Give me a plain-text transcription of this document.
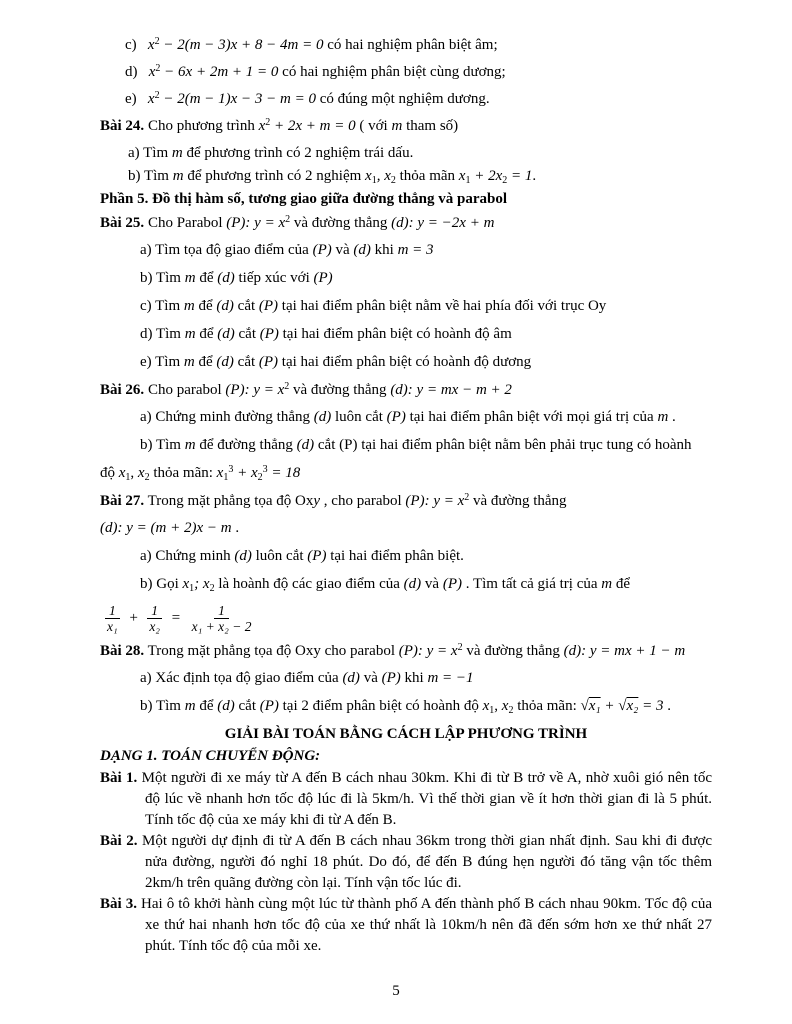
c)   $x^2 - 2(m - 3)x + 8 - 4m = 0$ có hai nghiệm phân biệt âm;
d)   $x^2 - 6x + 2m + 1 = 0$ có hai nghiệm phân biệt cùng dương;
e)   $x^2 - 2(m - 1)x - 3 - m = 0$ có đúng một nghiệm dương.
Bài 24. Cho phương trình $x^2 + 2x + m = 0$ ( với m tham số)
a) Tìm m để phương trình có 2 nghiệm trái dấu.
b) Tìm m để phương trình có 2 nghiệm $x_1$, $x_2$ thỏa mãn $x_1 + 2x_2 = 1$.
Phần 5. Đồ thị hàm số, tương giao giữa đường thẳng và parabol
Bài 25. Cho Parabol (P): $y = x^2$ và đường thẳng (d): y = −2x + m
a) Tìm tọa độ giao điểm của (P) và (d) khi m = 3
b) Tìm m để (d) tiếp xúc với (P)
c) Tìm m để (d) cắt (P) tại hai điểm phân biệt nằm về hai phía đối với trục Oy
d) Tìm m để (d) cắt (P) tại hai điểm phân biệt có hoành độ âm
e) Tìm m để (d) cắt (P) tại hai điểm phân biệt có hoành độ dương
Bài 26. Cho parabol (P): $y = x^2$ và đường thẳng (d): y = mx − m + 2
a) Chứng minh đường thẳng (d) luôn cắt (P) tại hai điểm phân biệt với mọi giá trị của m .
b) Tìm m để đường thẳng (d) cắt (P) tại hai điểm phân biệt nằm bên phải trục tung có hoành
độ $x_1$, $x_2$ thỏa mãn: $x_1^3 + x_2^3 = 18$
Bài 27. Trong mặt phẳng tọa độ Oxy , cho parabol (P): $y = x^2$ và đường thẳng
(d): y = (m + 2)x − m .
a) Chứng minh (d) luôn cắt (P) tại hai điểm phân biệt.
b) Gọi $x_1$; $x_2$ là hoành độ các giao điểm của (d) và (P) . Tìm tất cả giá trị của m để
$\frac{1}{\text{x₁}} + \frac{1}{\text{x₂}} = \frac{1}{\text{x₁ + x₂ − 2}}$
Bài 28. Trong mặt phẳng tọa độ Oxy cho parabol (P): $y = x^2$ và đường thẳng (d): y = mx + 1 − m
a) Xác định tọa độ giao điểm của (d) và (P) khi m = −1
b) Tìm m để (d) cắt (P) tại 2 điểm phân biệt có hoành độ $x_1$, $x_2$ thỏa mãn: √x₁ + √x₂ = 3 .
GIẢI BÀI TOÁN BẰNG CÁCH LẬP PHƯƠNG TRÌNH
DẠNG 1. TOÁN CHUYỂN ĐỘNG:
Bài 1. Một người đi xe máy từ A đến B cách nhau 30km. Khi đi từ B trở về A, nhờ xuôi gió nên tốc độ lúc về nhanh hơn tốc độ lúc đi là 5km/h. Vì thế thời gian về ít hơn thời gian đi là 5 phút. Tính tốc độ của xe máy khi đi từ A đến B.
Bài 2. Một người dự định đi từ A đến B cách nhau 36km trong thời gian nhất định. Sau khi đi được nửa đường, người đó nghỉ 18 phút. Do đó, để đến B đúng hẹn người đó tăng vận tốc thêm 2km/h trên quãng đường còn lại. Tính vận tốc lúc đi.
Bài 3. Hai ô tô khởi hành cùng một lúc từ thành phố A đến thành phố B cách nhau 90km. Tốc độ của xe thứ hai nhanh hơn tốc độ của xe thứ nhất là 10km/h nên đã đến sớm hơn xe thứ nhất 27 phút. Tính tốc độ của mỗi xe.
5
